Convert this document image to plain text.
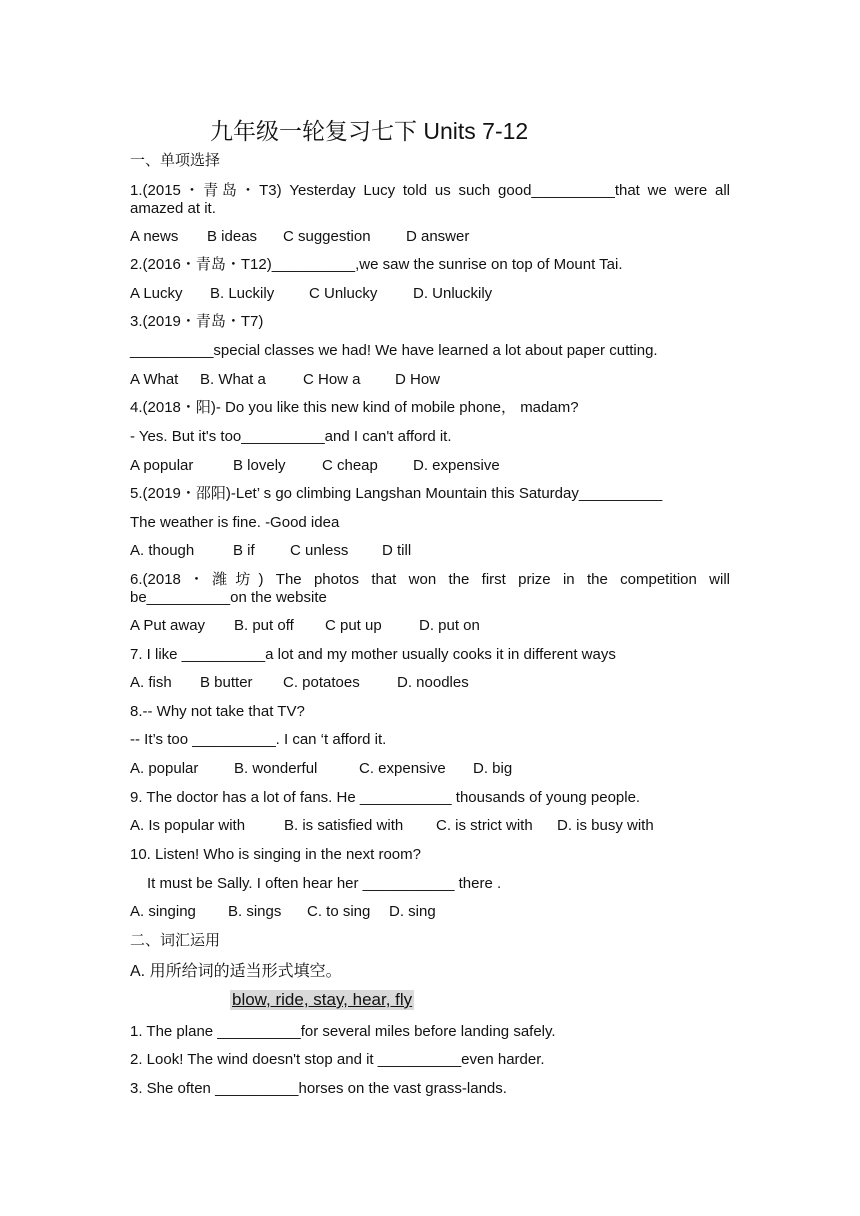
九年级一轮复习七下 Units 7-12
一、单项选择
1.(2015・青岛・T3) Yesterday Lucy told us such good__________that we were all
amazed at it.
A news B ideas C suggestion D answer
2.(2016・青岛・T12)__________,we saw the sunrise on top of Mount Tai.
A Lucky B. Luckily C Unlucky D. Unluckily
3.(2019・青岛・T7)
__________special classes we had! We have learned a lot about paper cutting.
A What B. What a C How a D How
4.(2018・阳)- Do you like this new kind of mobile phone， madam?
- Yes. But it's too__________and I can't afford it.
A popular	B lovely C cheap D. expensive
5.(2019・邵阳)-Let’ s go climbing Langshan Mountain this Saturday__________
The weather is fine. -Good idea
A. though	B if C unless D till
6.(2018・潍坊) The photos that won the first prize in the competition will
be__________on the website
A Put away B. put off C put up D. put on
7. I like __________a lot and my mother usually cooks it in different ways
A. fish B butter C. potatoes D. noodles
8.-- Why not take that TV?
-- It’s too __________. I can ‘t afford it.
A. popular B. wonderful	C. expensive D. big
9. The doctor has a lot of fans. He ___________ thousands of young people.
A. Is popular with	B. is satisfied with C. is strict with D. is busy with
10. Listen! Who is singing in the next room?
It must be Sally. I often hear her ___________ there .
A. singing B. sings C. to sing D. sing
二、词汇运用
A. 用所给词的适当形式填空。
blow, ride, stay, hear, fly
1. The plane __________for several miles before landing safely.
2. Look! The wind doesn't stop and it __________even harder.
3. She often __________horses on the vast grass-lands.
